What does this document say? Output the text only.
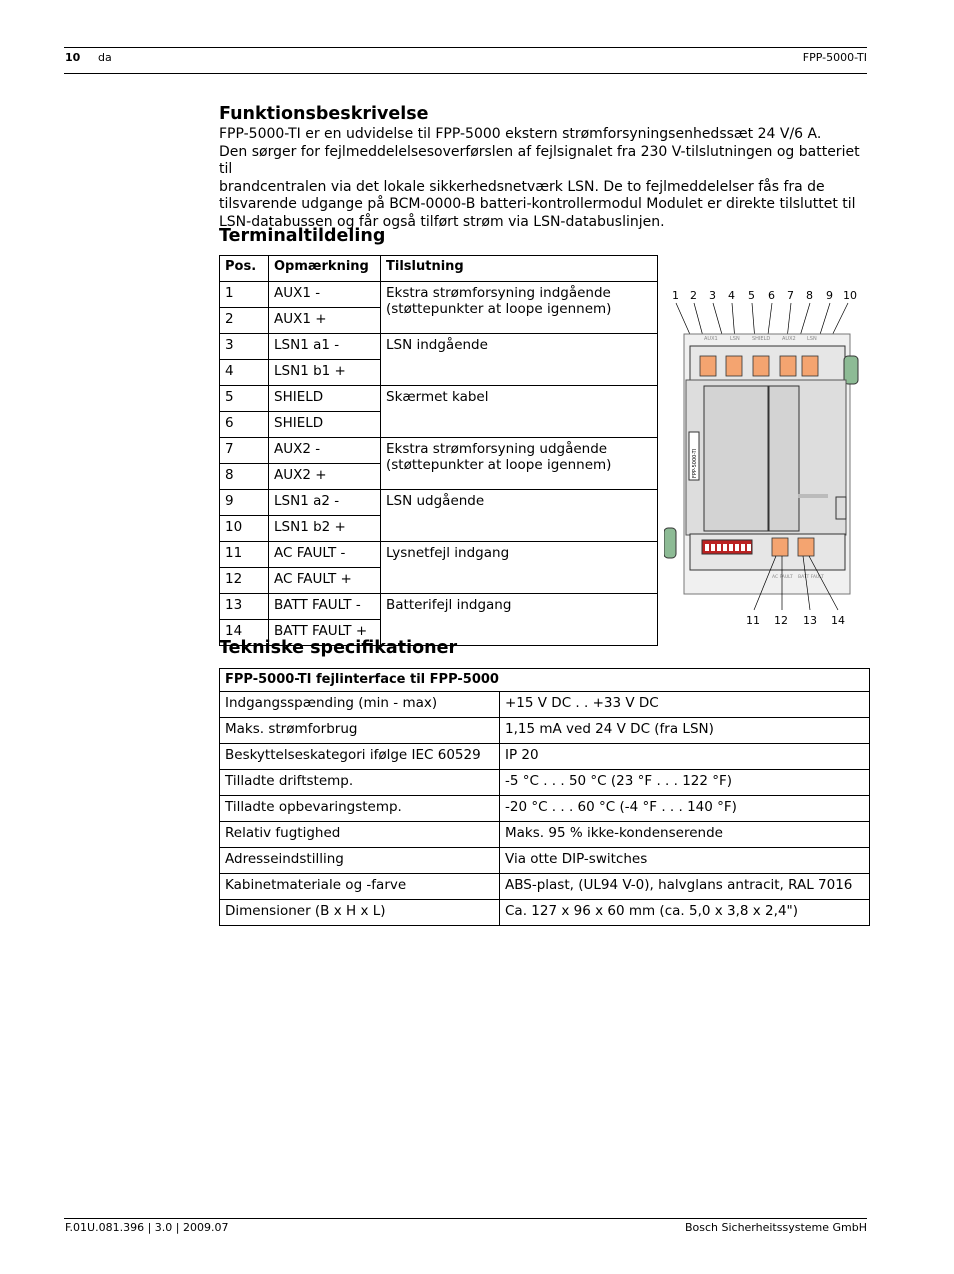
10 da	FPP-5000-TI
Funktionsbeskrivelse
FPP-5000-TI er en udvidelse til FPP-5000 ekstern strømforsyningsenhedssæt 24 V/6 A.
Den sørger for fejlmeddelelsesoverførslen af fejlsignalet fra 230 V-tilslutningen og batteriet til
brandcentralen via det lokale sikkerhedsnetværk LSN. De to fejlmeddelelser fås fra de
tilsvarende udgange på BCM-0000-B batteri-kontrollermodul Modulet er direkte tilsluttet til
LSN-databussen og får også tilført strøm via LSN-databuslinjen.
Terminaltildeling
Pos.	Opmærkning	Tilslutning
1	AUX1 -	Ekstra strømforsyning indgående
(støttepunkter at loope igennem)
2	AUX1 +	
3	LSN1 a1 -	LSN indgående
4	LSN1 b1 +	
5	SHIELD	Skærmet kabel
6	SHIELD	
7	AUX2 -	Ekstra strømforsyning udgående
(støttepunkter at loope igennem)
8	AUX2 +	
9	LSN1 a2 -	LSN udgående
10	LSN1 b2 +	
11	AC FAULT -	Lysnetfejl indgang
12	AC FAULT +	
13	BATT FAULT -	Batterifejl indgang
14	BATT FAULT +	
1 2 3 4 5 6 7 8 9 10
AUX1 LSN SHIELD AUX2 LSN
FPP-5000-TI
AC FAULT BATT FAULT
11 12 13 14
Tekniske specifikationer
FPP-5000-TI fejlinterface til FPP-5000	
Indgangsspænding (min - max)	+15 V DC . . +33 V DC
Maks. strømforbrug	1,15 mA ved 24 V DC (fra LSN)
Beskyttelseskategori ifølge IEC 60529	IP 20
Tilladte driftstemp.	-5 °C . . . 50 °C (23 °F . . . 122 °F)
Tilladte opbevaringstemp.	-20 °C . . . 60 °C (-4 °F . . . 140 °F)
Relativ fugtighed	Maks. 95 % ikke-kondenserende
Adresseindstilling	Via otte DIP-switches
Kabinetmateriale og -farve	ABS-plast, (UL94 V-0), halvglans antracit, RAL 7016
Dimensioner (B x H x L)	Ca. 127 x 96 x 60 mm (ca. 5,0 x 3,8 x 2,4")
F.01U.081.396 | 3.0 | 2009.07	Bosch Sicherheitssysteme GmbH
